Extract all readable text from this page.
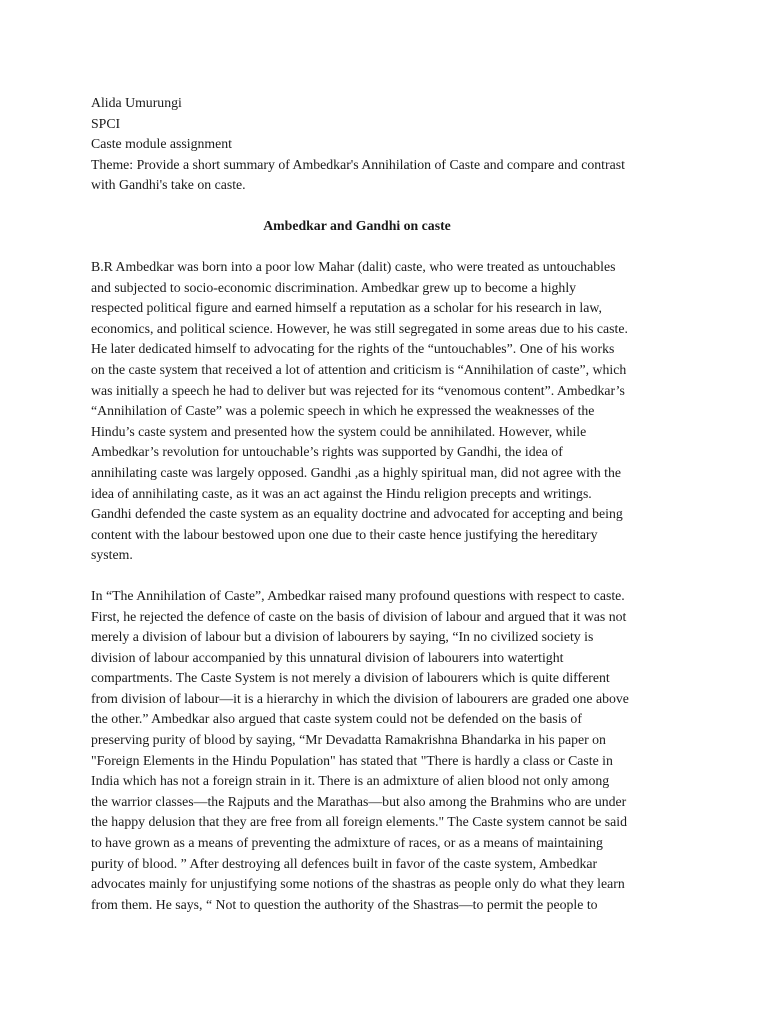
Alida Umurungi
SPCI
Caste module assignment
Theme: Provide a short summary of Ambedkar's Annihilation of Caste and compare and contrast
with Gandhi's take on caste.
Ambedkar and Gandhi on caste
B.R Ambedkar was born into a poor low Mahar (dalit) caste, who were treated as untouchables
and subjected to socio-economic discrimination. Ambedkar grew up to become a highly
respected political figure and earned himself a reputation as a scholar for his research in law,
economics, and political science. However, he was still segregated in some areas due to his caste.
He later dedicated himself to advocating for the rights of the “untouchables”. One of his works
on the caste system that received a lot of attention and criticism is “Annihilation of caste”, which
was initially a speech he had to deliver but was rejected for its “venomous content”. Ambedkar’s
“Annihilation of Caste” was a polemic speech in which he expressed the weaknesses of the
Hindu’s caste system and presented how the system could be annihilated. However, while
Ambedkar’s revolution for untouchable’s rights was supported by Gandhi, the idea of
annihilating caste was largely opposed. Gandhi ,as a highly spiritual man, did not agree with the
idea of annihilating caste, as it was an act against the Hindu religion precepts and writings.
Gandhi defended the caste system as an equality doctrine and advocated for accepting and being
content with the labour bestowed upon one due to their caste hence justifying the hereditary
system.
In “The Annihilation of Caste”, Ambedkar raised many profound questions with respect to caste.
First, he rejected the defence of caste on the basis of division of labour and argued that it was not
merely a division of labour but a division of labourers by saying, “In no civilized society is
division of labour accompanied by this unnatural division of labourers into watertight
compartments. The Caste System is not merely a division of labourers which is quite different
from division of labour—it is a hierarchy in which the division of labourers are graded one above
the other.” Ambedkar also argued that caste system could not be defended on the basis of
preserving purity of blood by saying, “Mr Devadatta Ramakrishna Bhandarka in his paper on
"Foreign Elements in the Hindu Population" has stated that "There is hardly a class or Caste in
India which has not a foreign strain in it. There is an admixture of alien blood not only among
the warrior classes—the Rajputs and the Marathas—but also among the Brahmins who are under
the happy delusion that they are free from all foreign elements." The Caste system cannot be said
to have grown as a means of preventing the admixture of races, or as a means of maintaining
purity of blood. ” After destroying all defences built in favor of the caste system, Ambedkar
advocates mainly for unjustifying some notions of the shastras as people only do what they learn
from them. He says, “ Not to question the authority of the Shastras—to permit the people to
